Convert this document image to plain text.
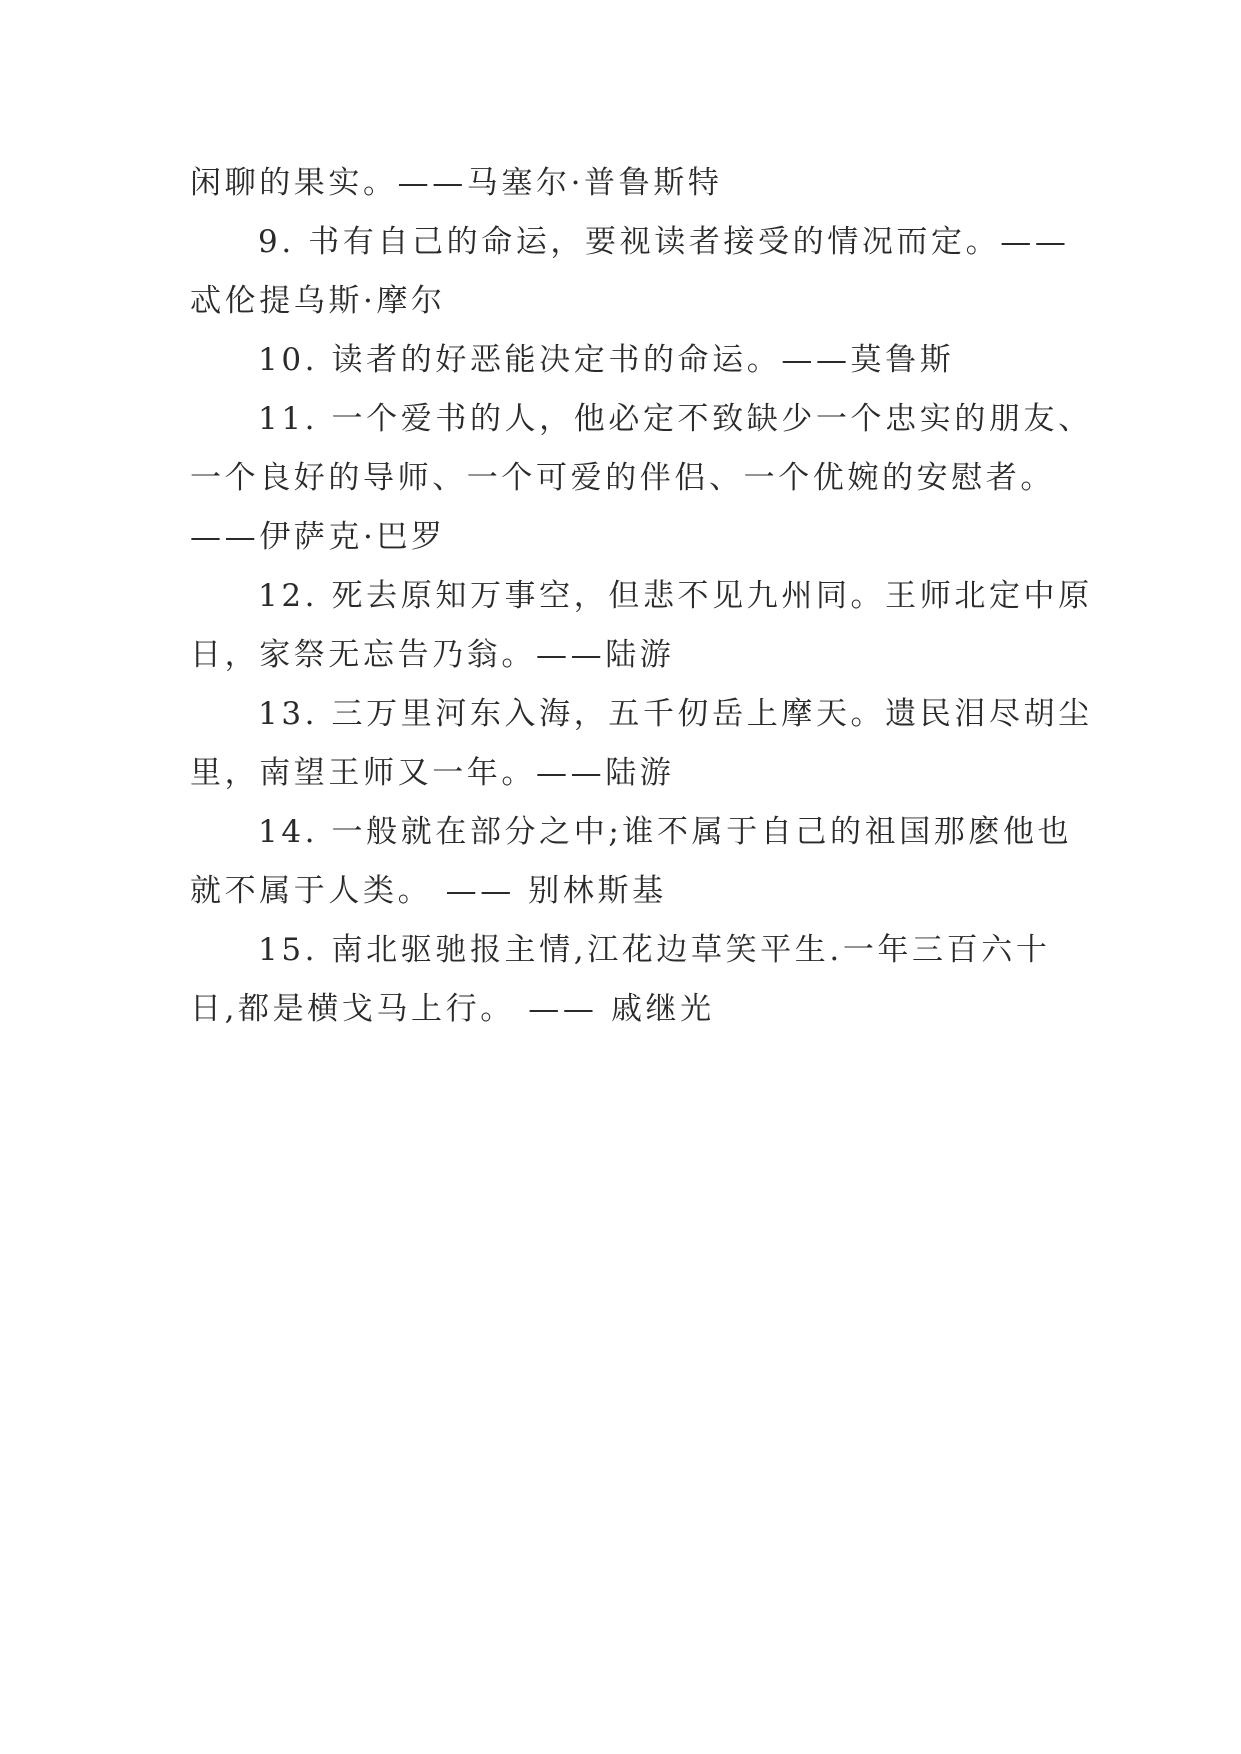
闲聊的果实。——马塞尔·普鲁斯特

9. 书有自己的命运，要视读者接受的情况而定。——

忒伦提乌斯·摩尔

10. 读者的好恶能决定书的命运。——莫鲁斯

11. 一个爱书的人，他必定不致缺少一个忠实的朋友、

一个良好的导师、一个可爱的伴侣、一个优婉的安慰者。

——伊萨克·巴罗

12. 死去原知万事空，但悲不见九州同。王师北定中原

日，家祭无忘告乃翁。——陆游

13. 三万里河东入海，五千仞岳上摩天。遗民泪尽胡尘

里，南望王师又一年。——陆游

14. 一般就在部分之中;谁不属于自己的祖国那麽他也

就不属于人类。 —— 别林斯基

15. 南北驱驰报主情,江花边草笑平生.一年三百六十

日,都是横戈马上行。 —— 戚继光
